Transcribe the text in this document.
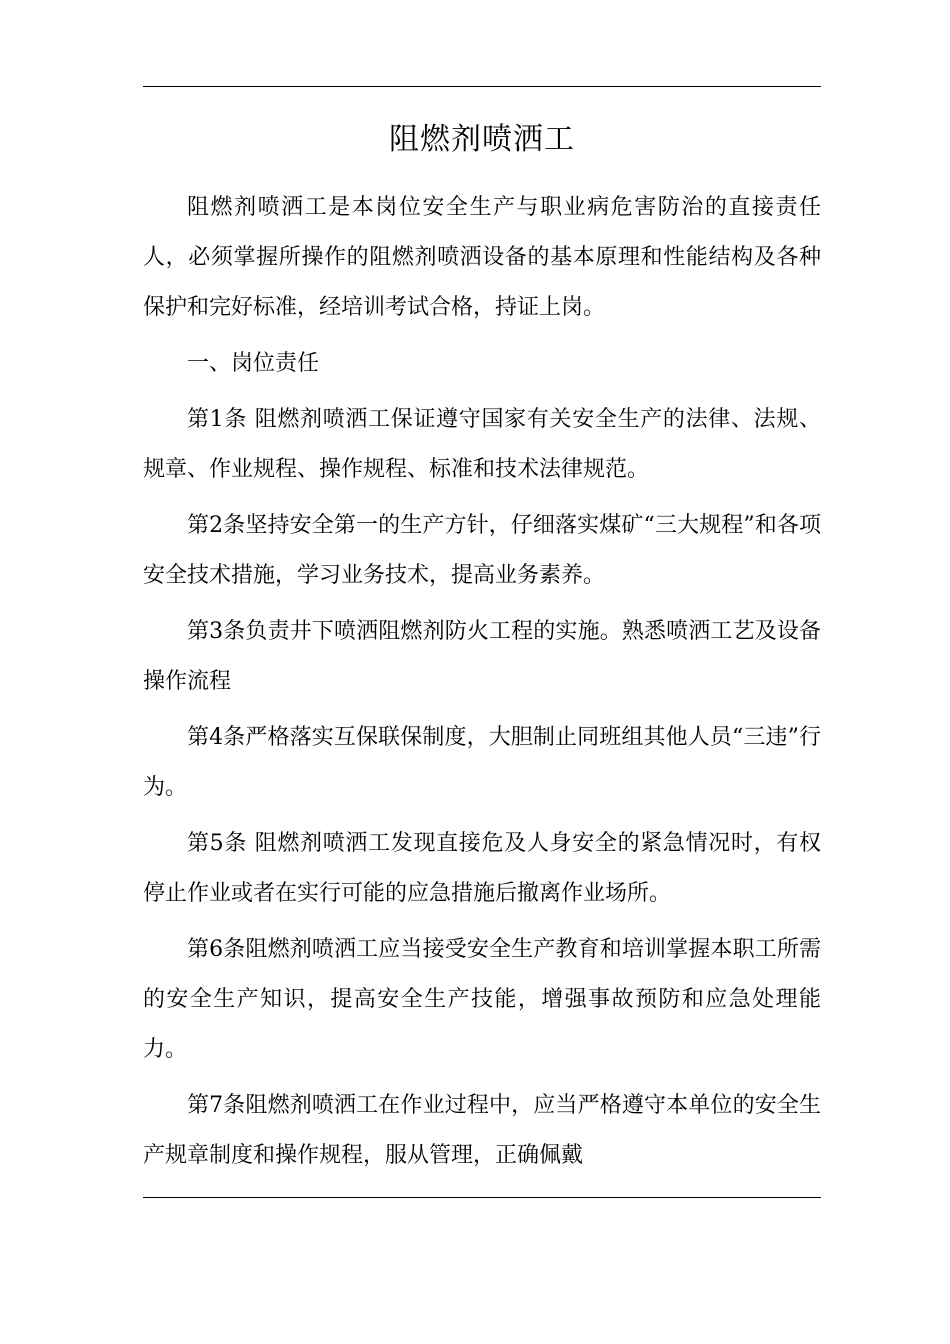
阻燃剂喷洒工

阻燃剂喷洒工是本岗位安全生产与职业病危害防治的直接责任人，必须掌握所操作的阻燃剂喷洒设备的基本原理和性能结构及各种保护和完好标准，经培训考试合格，持证上岗。

一、岗位责任

第1条 阻燃剂喷洒工保证遵守国家有关安全生产的法律、法规、规章、作业规程、操作规程、标准和技术法律规范。

第2条坚持安全第一的生产方针，仔细落实煤矿“三大规程”和各项安全技术措施，学习业务技术，提高业务素养。

第3条负责井下喷洒阻燃剂防火工程的实施。熟悉喷洒工艺及设备操作流程

第4条严格落实互保联保制度，大胆制止同班组其他人员“三违”行为。

第5条 阻燃剂喷洒工发现直接危及人身安全的紧急情况时，有权停止作业或者在实行可能的应急措施后撤离作业场所。

第6条阻燃剂喷洒工应当接受安全生产教育和培训掌握本职工所需的安全生产知识，提高安全生产技能，增强事故预防和应急处理能力。

第7条阻燃剂喷洒工在作业过程中，应当严格遵守本单位的安全生产规章制度和操作规程，服从管理，正确佩戴
